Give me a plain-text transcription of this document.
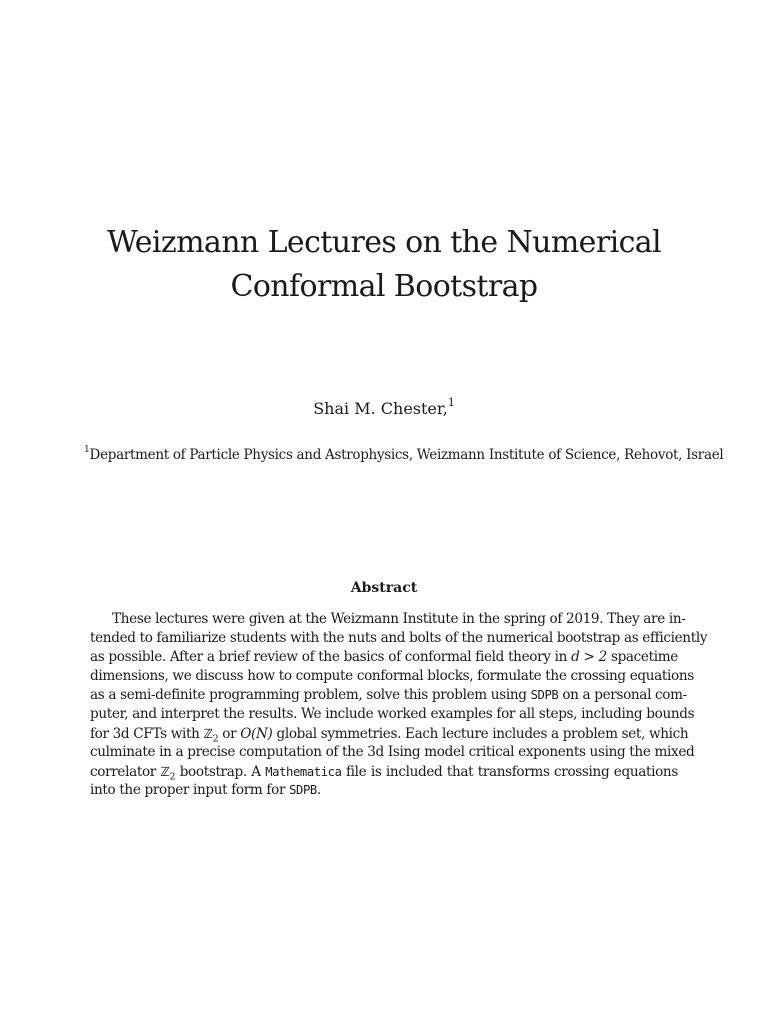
Weizmann Lectures on the Numerical
Conformal Bootstrap
Shai M. Chester,$^1$
$^1$Department of Particle Physics and Astrophysics, Weizmann Institute of Science, Rehovot, Israel
Abstract
These lectures were given at the Weizmann Institute in the spring of 2019. They are in-
tended to familiarize students with the nuts and bolts of the numerical bootstrap as efficiently
as possible. After a brief review of the basics of conformal field theory in d > 2 spacetime
dimensions, we discuss how to compute conformal blocks, formulate the crossing equations
as a semi-definite programming problem, solve this problem using SDPB on a personal com-
puter, and interpret the results. We include worked examples for all steps, including bounds
for 3d CFTs with ℤ$_2$ or O(N) global symmetries. Each lecture includes a problem set, which
culminate in a precise computation of the 3d Ising model critical exponents using the mixed
correlator ℤ$_2$ bootstrap. A Mathematica file is included that transforms crossing equations
into the proper input form for SDPB.
